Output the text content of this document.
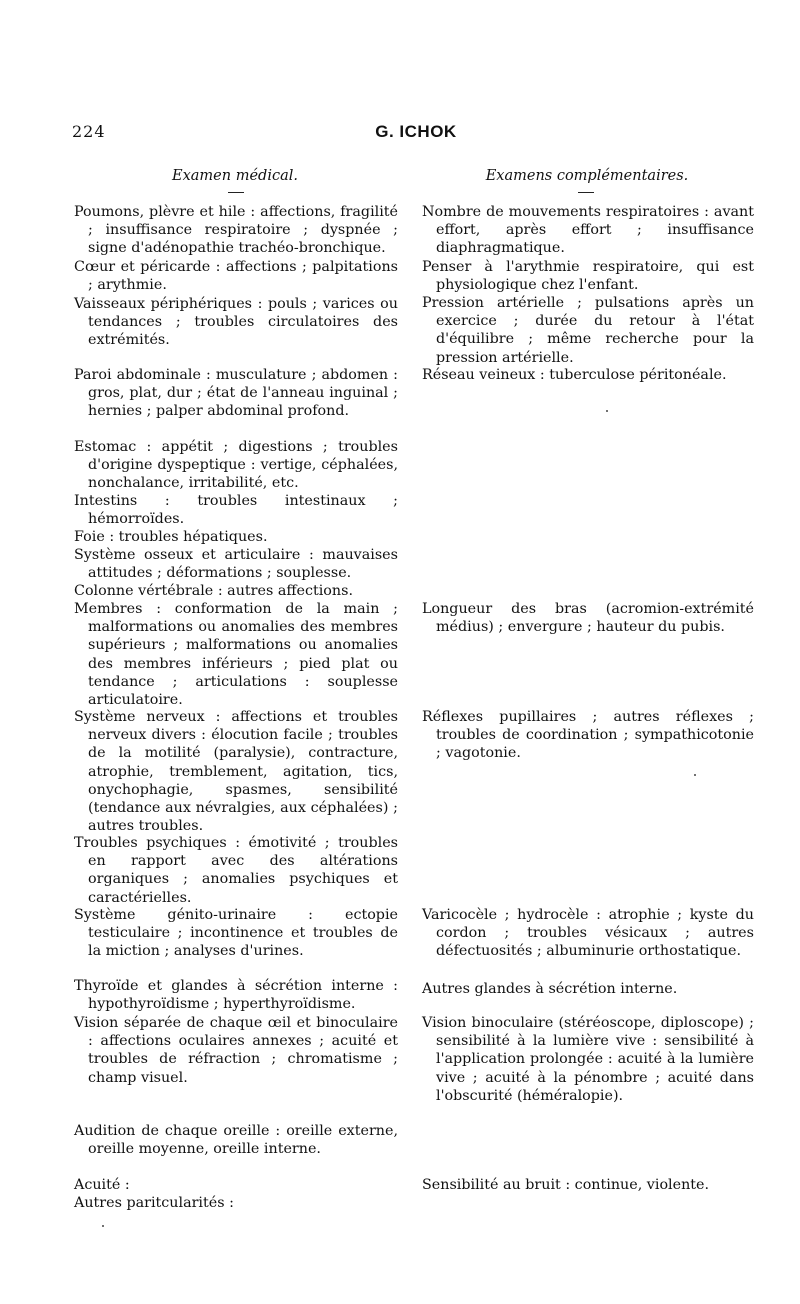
224	G. ICHOK
Examen médical.	Examens complémentaires.

Poumons, plèvre et hile : affections, fragilité ; insuffisance respiratoire ; dyspnée ; signe d'adénopathie trachéo-bronchique.

Cœur et péricarde : affections ; palpitations ; arythmie.

Vaisseaux périphériques : pouls ; varices ou tendances ; troubles circulatoires des extrémités.

Paroi abdominale : musculature ; abdomen : gros, plat, dur ; état de l'anneau inguinal ; hernies ; palper abdominal profond.

Estomac : appétit ; digestions ; troubles d'origine dyspeptique : vertige, céphalées, nonchalance, irritabilité, etc.

Intestins : troubles intestinaux ; hémorroïdes.

Foie : troubles hépatiques.

Système osseux et articulaire : mauvaises attitudes ; déformations ; souplesse.

Colonne vértébrale : autres affections.

Membres : conformation de la main ; malformations ou anomalies des membres supérieurs ; malformations ou anomalies des membres inférieurs ; pied plat ou tendance ; articulations : souplesse articulatoire.

Système nerveux : affections et troubles nerveux divers : élocution facile ; troubles de la motilité (paralysie), contracture, atrophie, tremblement, agitation, tics, onychophagie, spasmes, sensibilité (tendance aux névralgies, aux céphalées) ; autres troubles.

Troubles psychiques : émotivité ; troubles en rapport avec des altérations organiques ; anomalies psychiques et caractérielles.

Système génito-urinaire : ectopie testiculaire ; incontinence et troubles de la miction ; analyses d'urines.

Thyroïde et glandes à sécrétion interne : hypothyroïdisme ; hyperthyroïdisme.

Vision séparée de chaque œil et binoculaire : affections oculaires annexes ; acuité et troubles de réfraction ; chromatisme ; champ visuel.

Audition de chaque oreille : oreille externe, oreille moyenne, oreille interne.

Acuité :

Autres paritcularités :

Nombre de mouvements respiratoires : avant effort, après effort ; insuffisance diaphragmatique.

Penser à l'arythmie respiratoire, qui est physiologique chez l'enfant.

Pression artérielle ; pulsations après un exercice ; durée du retour à l'état d'équilibre ; même recherche pour la pression artérielle.

Réseau veineux : tuberculose péritonéale.

Longueur des bras (acromion-extrémité médius) ; envergure ; hauteur du pubis.

Réflexes pupillaires ; autres réflexes ; troubles de coordination ; sympathicotonie ; vagotonie.

Varicocèle ; hydrocèle : atrophie ; kyste du cordon ; troubles vésicaux ; autres défectuosités ; albuminurie orthostatique.

Autres glandes à sécrétion interne.

Vision binoculaire (stéréoscope, diploscope) ; sensibilité à la lumière vive : sensibilité à l'application prolongée : acuité à la lumière vive ; acuité à la pénombre ; acuité dans l'obscurité (héméralopie).

Sensibilité au bruit : continue, violente.
